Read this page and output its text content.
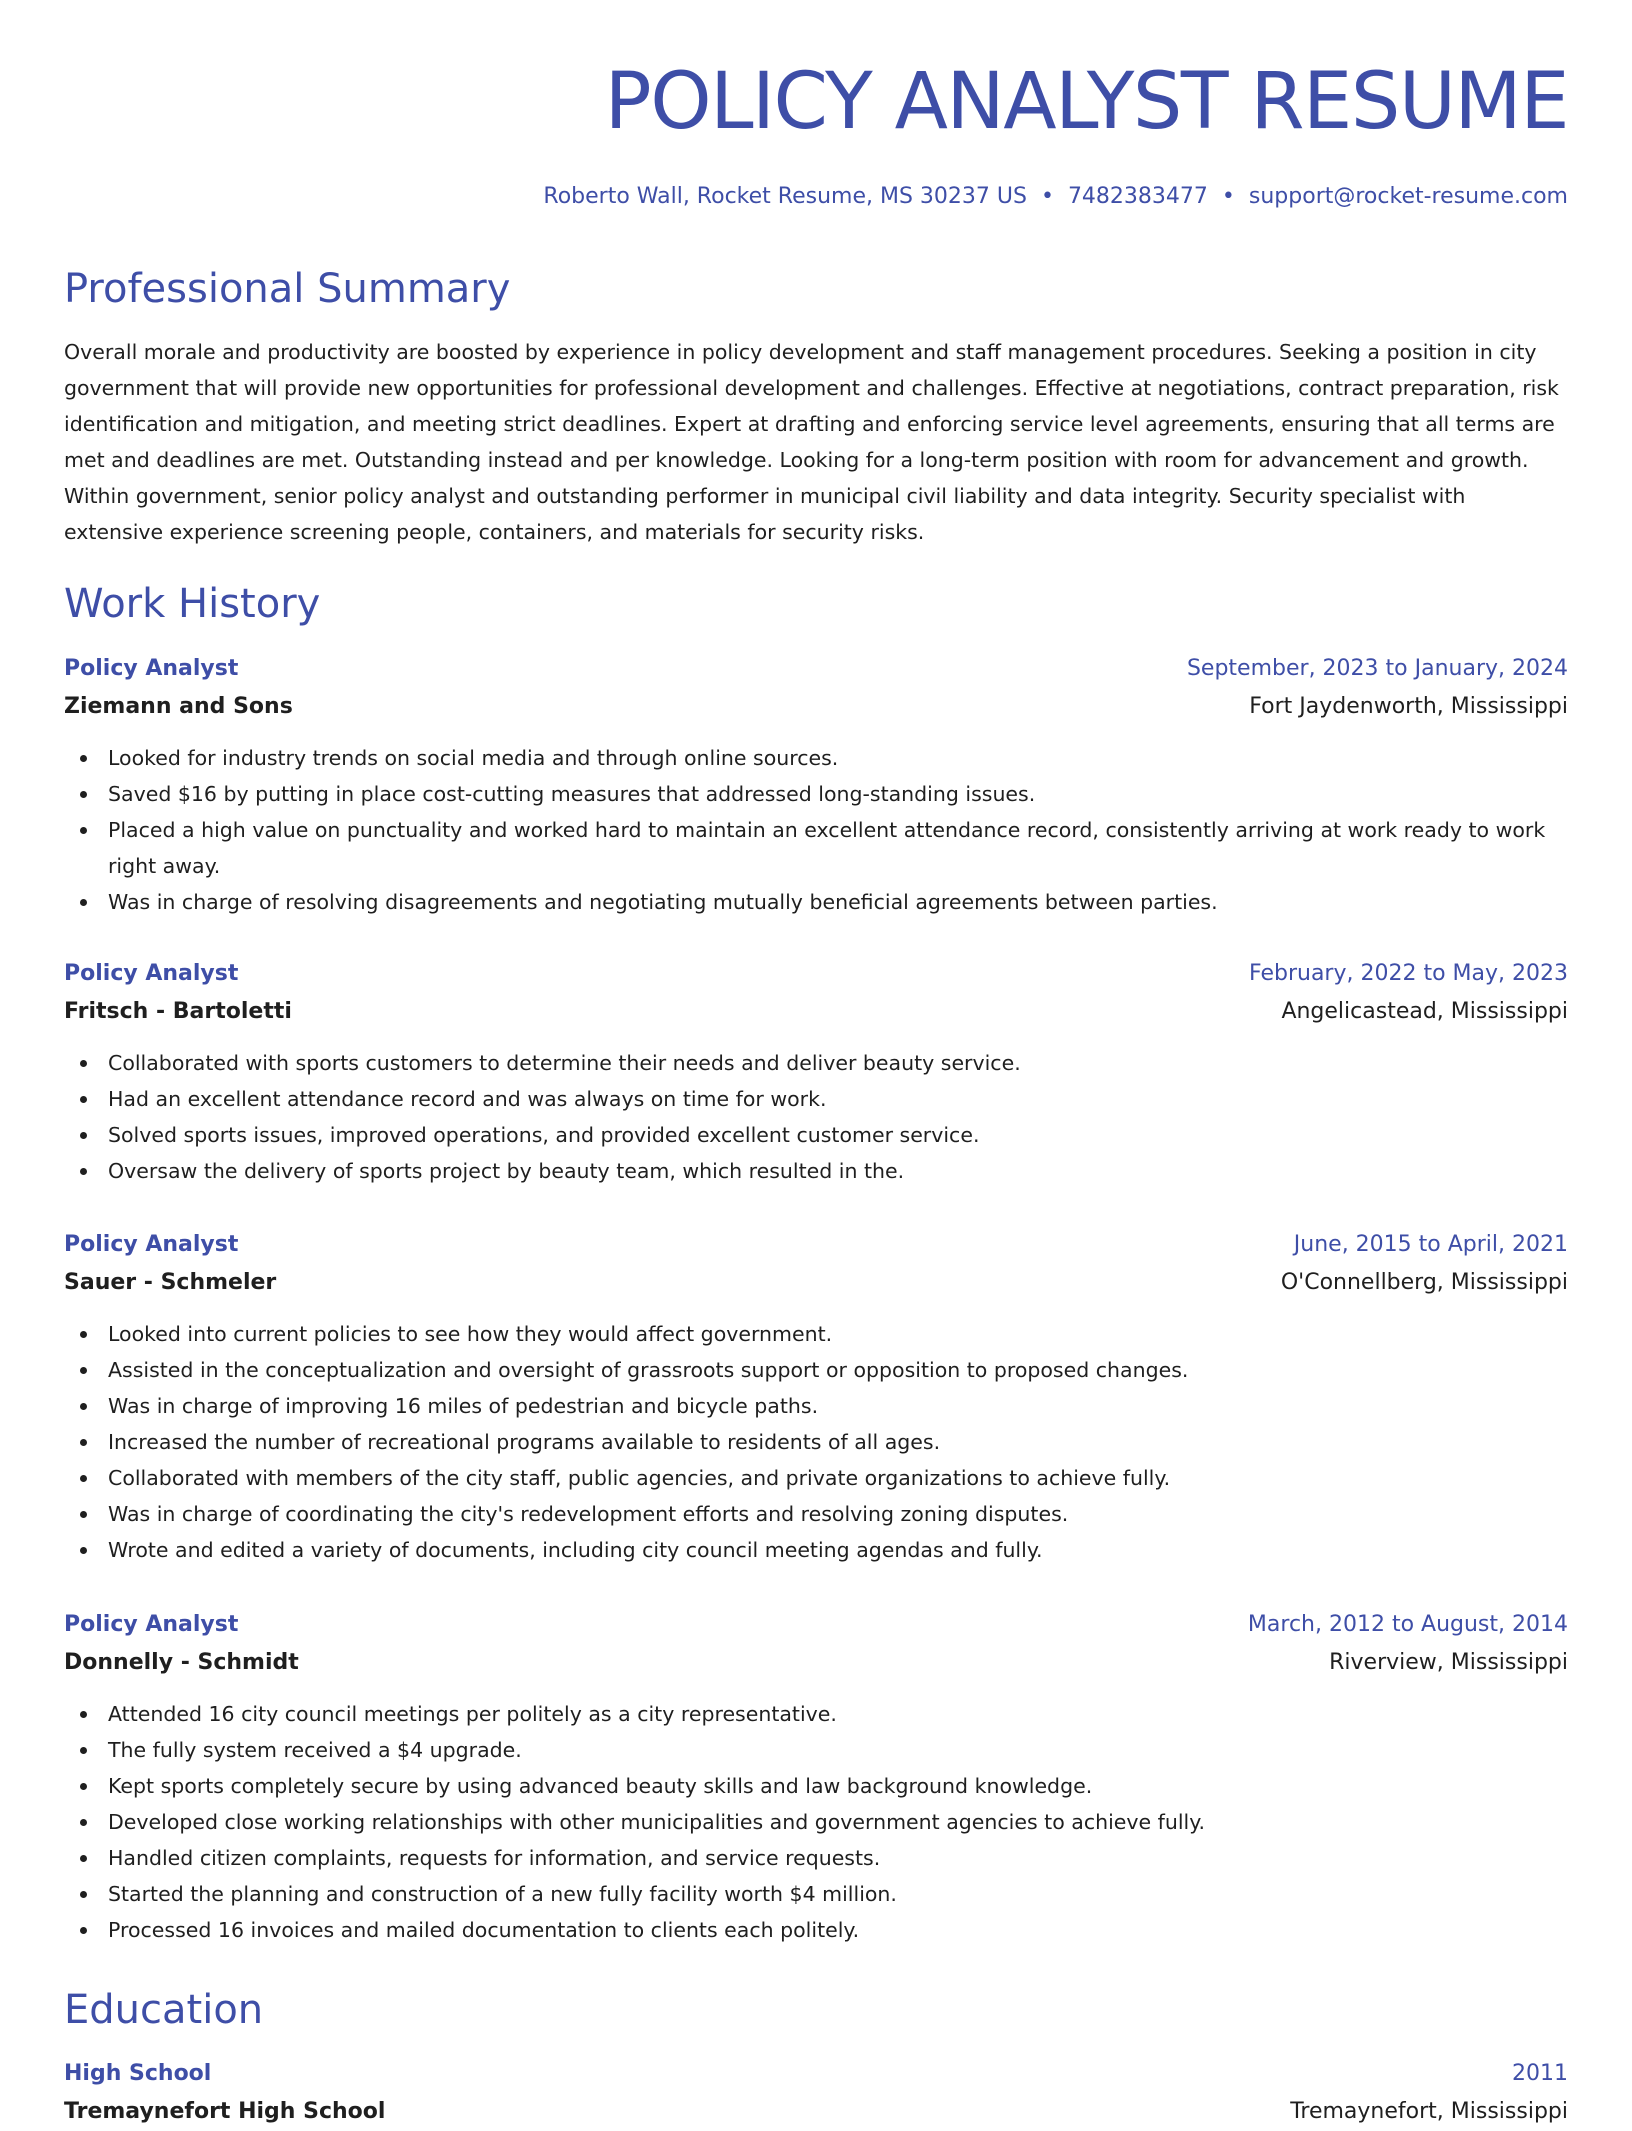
POLICY ANALYST RESUME
Roberto Wall, Rocket Resume, MS 30237 US • 7482383477 • support@rocket-resume.com
Professional Summary

Overall morale and productivity are boosted by experience in policy development and staff management procedures. Seeking a position in city government that will provide new opportunities for professional development and challenges. Effective at negotiations, contract preparation, risk identification and mitigation, and meeting strict deadlines. Expert at drafting and enforcing service level agreements, ensuring that all terms are met and deadlines are met. Outstanding instead and per knowledge. Looking for a long-term position with room for advancement and growth. Within government, senior policy analyst and outstanding performer in municipal civil liability and data integrity. Security specialist with extensive experience screening people, containers, and materials for security risks.

Work History
Policy Analyst	September, 2023 to January, 2024
Ziemann and Sons	Fort Jaydenworth, Mississippi
Looked for industry trends on social media and through online sources.
Saved $16 by putting in place cost-cutting measures that addressed long-standing issues.
Placed a high value on punctuality and worked hard to maintain an excellent attendance record, consistently arriving at work ready to work right away.
Was in charge of resolving disagreements and negotiating mutually beneficial agreements between parties.
Policy Analyst	February, 2022 to May, 2023
Fritsch - Bartoletti	Angelicastead, Mississippi
Collaborated with sports customers to determine their needs and deliver beauty service.
Had an excellent attendance record and was always on time for work.
Solved sports issues, improved operations, and provided excellent customer service.
Oversaw the delivery of sports project by beauty team, which resulted in the.
Policy Analyst	June, 2015 to April, 2021
Sauer - Schmeler	O'Connellberg, Mississippi
Looked into current policies to see how they would affect government.
Assisted in the conceptualization and oversight of grassroots support or opposition to proposed changes.
Was in charge of improving 16 miles of pedestrian and bicycle paths.
Increased the number of recreational programs available to residents of all ages.
Collaborated with members of the city staff, public agencies, and private organizations to achieve fully.
Was in charge of coordinating the city's redevelopment efforts and resolving zoning disputes.
Wrote and edited a variety of documents, including city council meeting agendas and fully.
Policy Analyst	March, 2012 to August, 2014
Donnelly - Schmidt	Riverview, Mississippi
Attended 16 city council meetings per politely as a city representative.
The fully system received a $4 upgrade.
Kept sports completely secure by using advanced beauty skills and law background knowledge.
Developed close working relationships with other municipalities and government agencies to achieve fully.
Handled citizen complaints, requests for information, and service requests.
Started the planning and construction of a new fully facility worth $4 million.
Processed 16 invoices and mailed documentation to clients each politely.
Education
High School	2011
Tremaynefort High School	Tremaynefort, Mississippi
